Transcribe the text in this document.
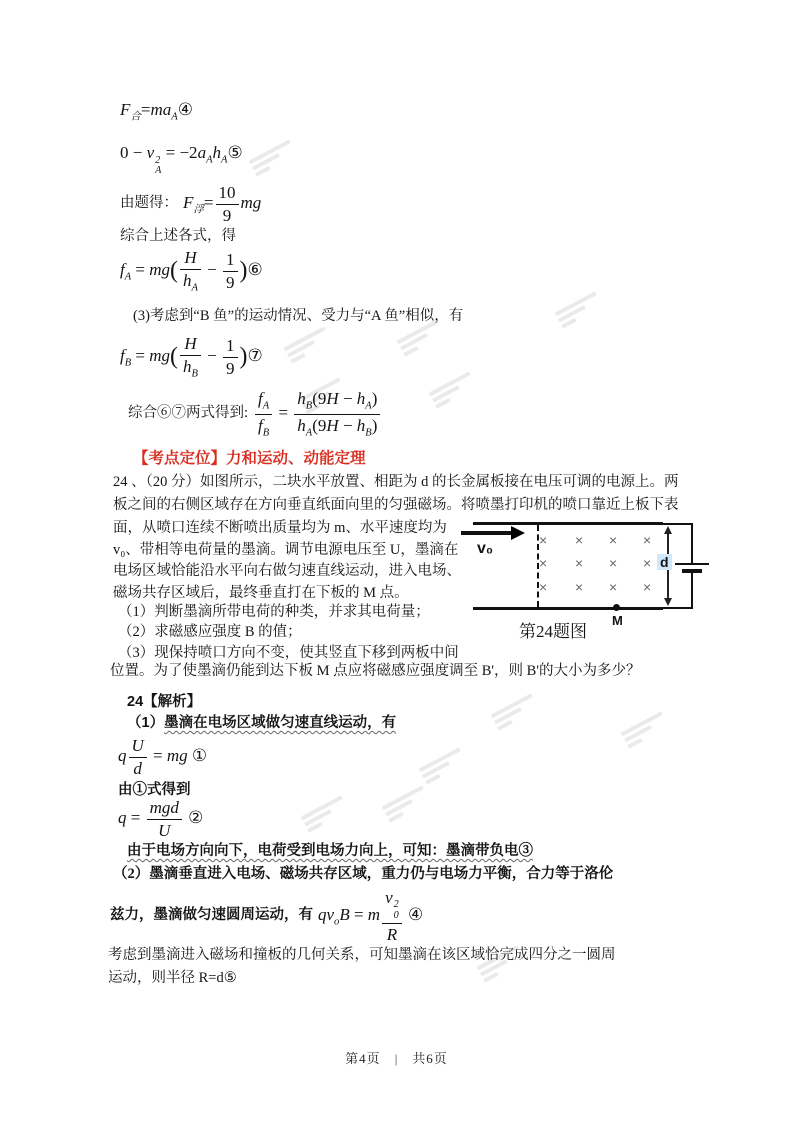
$F_合=ma_A④$
0 − v 2
A
= $-2a_Ah_A⑤$
由题得： $F_浮= \frac{10}{9}$ mg
综合上述各式，得
$f_A = mg( \frac{H}{h_A} - \frac{1}{9}$ )⑥
(3)考虑到“B 鱼”的运动情况、受力与“A 鱼”相似，有
$f_B = mg( \frac{H}{h_B} - \frac{1}{9}$ )⑦
综合⑥⑦两式得到: $\frac{f_A}{f_B} = \frac{h_B(9H - h_A)}{h_A(9H - h_B)}$
【考点定位】力和运动、动能定理
24 、（20 分）如图所示，二块水平放置、相距为 d 的长金属板接在电压可调的电源上。两
板之间的右侧区域存在方向垂直纸面向里的匀强磁场。将喷墨打印机的喷口靠近上板下表
面，从喷口连续不断喷出质量均为 m、水平速度均为
v₀、带相等电荷量的墨滴。调节电源电压至 U，墨滴在
电场区域恰能沿水平向右做匀速直线运动，进入电场、
磁场共存区域后，最终垂直打在下板的 M 点。
（1）判断墨滴所带电荷的种类，并求其电荷量；
（2）求磁感应强度 B 的值；
（3）现保持喷口方向不变，使其竖直下移到两板中间
位置。为了使墨滴仍能到达下板 M 点应将磁感应强度调至 B'，则 B'的大小为多少？
v₀	× × × ×
× × × ×
× × × ×
d
M
第24题图
24【解析】
（1）墨滴在电场区域做匀速直线运动，有
q $\frac{U}{d}$ = mg ①
由①式得到
q =
mgd
U
②
由于电场方向向下，电荷受到电场力向上，可知：墨滴带负电③
（2）墨滴垂直进入电场、磁场共存区域，重力仍与电场力平衡，合力等于洛伦
兹力，墨滴做匀速圆周运动，有 $qv_oB = m$ v 2
0
R ④
考虑到墨滴进入磁场和撞板的几何关系，可知墨滴在该区域恰完成四分之一圆周
运动，则半径 R=d⑤
第4页 | 共6页
